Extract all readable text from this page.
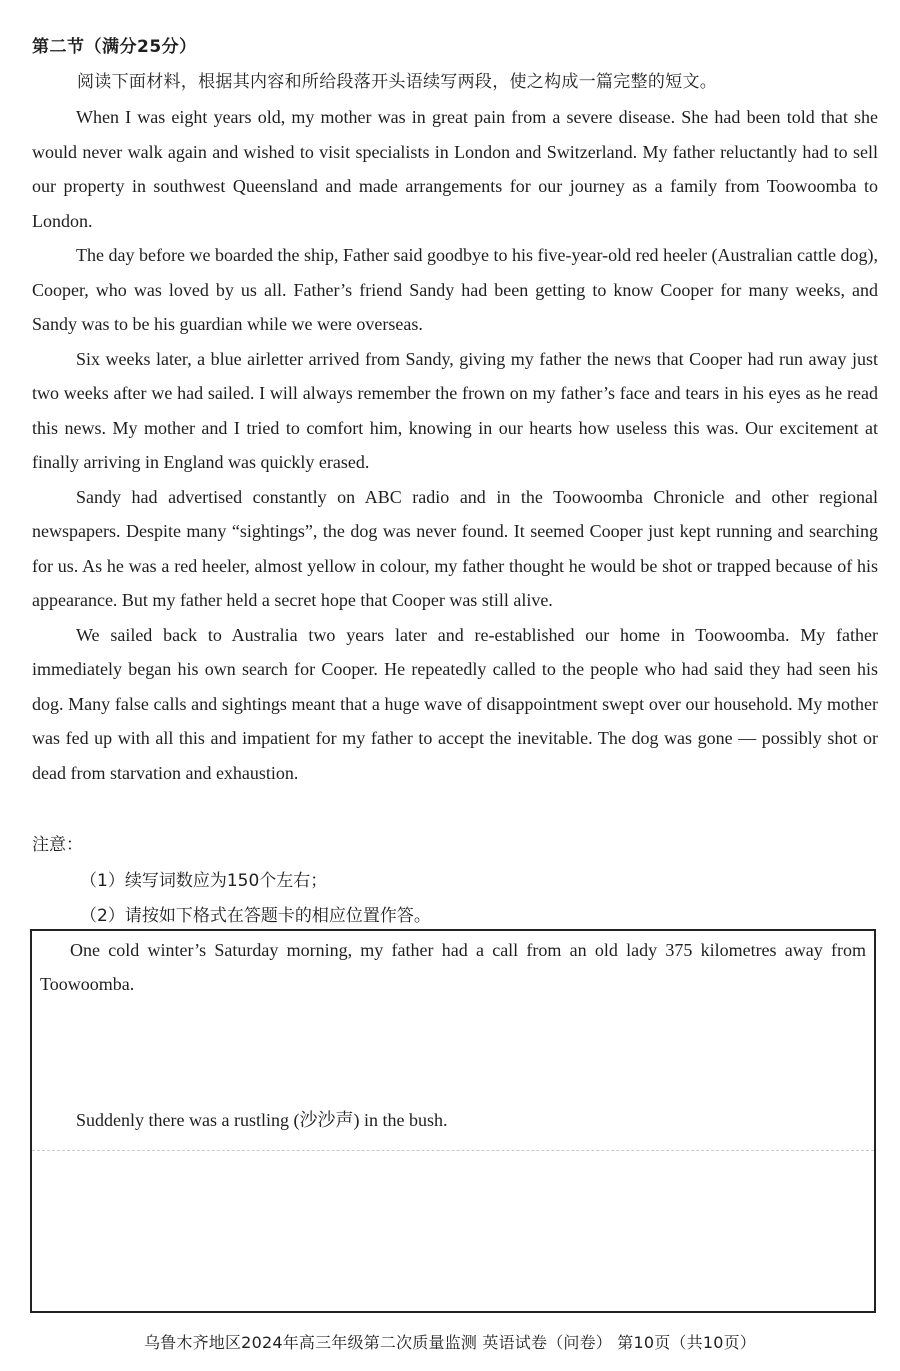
第二节（满分25分）
阅读下面材料，根据其内容和所给段落开头语续写两段，使之构成一篇完整的短文。

When I was eight years old, my mother was in great pain from a severe disease. She had been told that she would never walk again and wished to visit specialists in London and Switzerland. My father reluctantly had to sell our property in southwest Queensland and made arrangements for our journey as a family from Toowoomba to London.

The day before we boarded the ship, Father said goodbye to his five-year-old red heeler (Australian cattle dog), Cooper, who was loved by us all. Father’s friend Sandy had been getting to know Cooper for many weeks, and Sandy was to be his guardian while we were overseas.

Six weeks later, a blue airletter arrived from Sandy, giving my father the news that Cooper had run away just two weeks after we had sailed. I will always remember the frown on my father’s face and tears in his eyes as he read this news. My mother and I tried to comfort him, knowing in our hearts how useless this was. Our excitement at finally arriving in England was quickly erased.

Sandy had advertised constantly on ABC radio and in the Toowoomba Chronicle and other regional newspapers. Despite many “sightings”, the dog was never found. It seemed Cooper just kept running and searching for us. As he was a red heeler, almost yellow in colour, my father thought he would be shot or trapped because of his appearance. But my father held a secret hope that Cooper was still alive.

We sailed back to Australia two years later and re-established our home in Toowoomba. My father immediately began his own search for Cooper. He repeatedly called to the people who had said they had seen his dog. Many false calls and sightings meant that a huge wave of disappointment swept over our household. My mother was fed up with all this and impatient for my father to accept the inevitable. The dog was gone — possibly shot or dead from starvation and exhaustion.

注意：
（1）续写词数应为150个左右；
（2）请按如下格式在答题卡的相应位置作答。
One cold winter’s Saturday morning, my father had a call from an old lady 375 kilometres away from Toowoomba.
Suddenly there was a rustling (沙沙声) in the bush.
乌鲁木齐地区2024年高三年级第二次质量监测 英语试卷（问卷） 第10页（共10页）
